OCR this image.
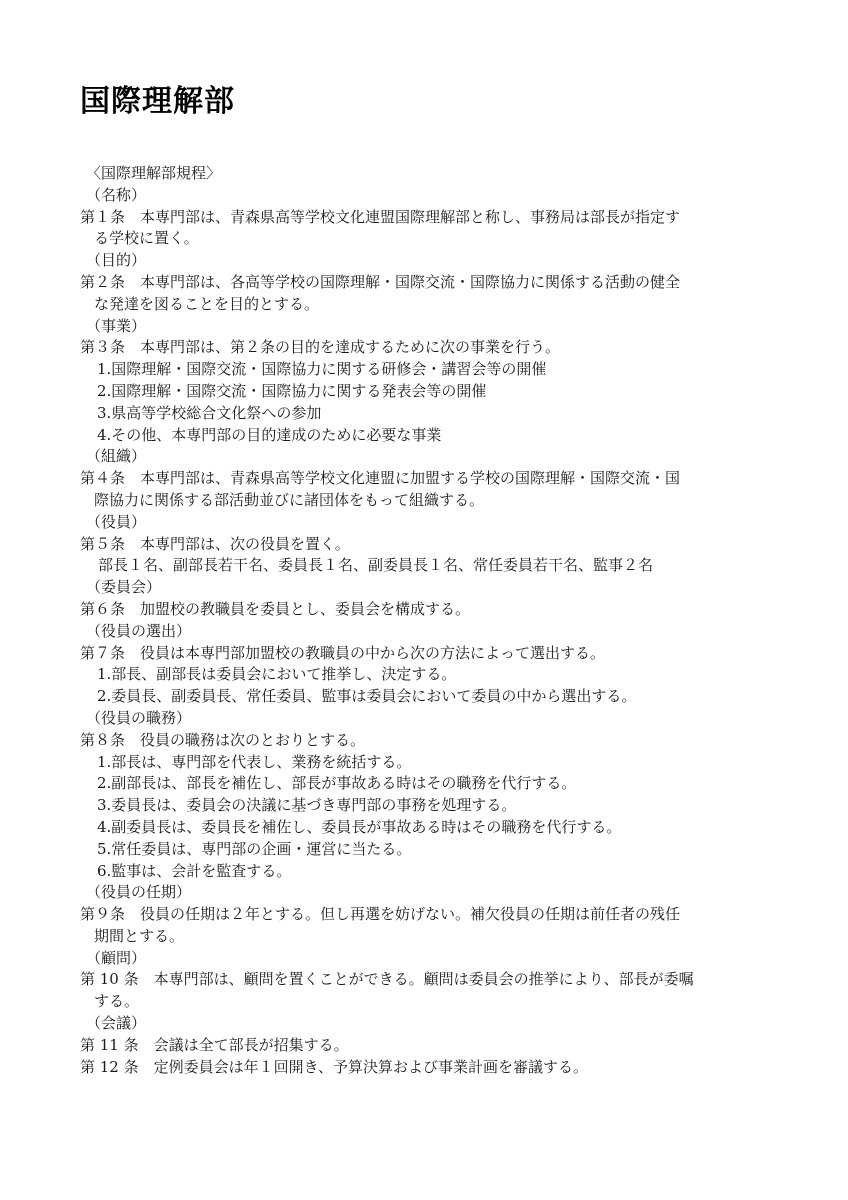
国際理解部
〈国際理解部規程〉
（名称）
第１条　本専門部は、青森県高等学校文化連盟国際理解部と称し、事務局は部長が指定す
る学校に置く。
（目的）
第２条　本専門部は、各高等学校の国際理解・国際交流・国際協力に関係する活動の健全
な発達を図ることを目的とする。
（事業）
第３条　本専門部は、第２条の目的を達成するために次の事業を行う。
1.国際理解・国際交流・国際協力に関する研修会・講習会等の開催
2.国際理解・国際交流・国際協力に関する発表会等の開催
3.県高等学校総合文化祭への参加
4.その他、本専門部の目的達成のために必要な事業
（組織）
第４条　本専門部は、青森県高等学校文化連盟に加盟する学校の国際理解・国際交流・国
際協力に関係する部活動並びに諸団体をもって組織する。
（役員）
第５条　本専門部は、次の役員を置く。
部長１名、副部長若干名、委員長１名、副委員長１名、常任委員若干名、監事２名
（委員会）
第６条　加盟校の教職員を委員とし、委員会を構成する。
（役員の選出）
第７条　役員は本専門部加盟校の教職員の中から次の方法によって選出する。
1.部長、副部長は委員会において推挙し、決定する。
2.委員長、副委員長、常任委員、監事は委員会において委員の中から選出する。
（役員の職務）
第８条　役員の職務は次のとおりとする。
1.部長は、専門部を代表し、業務を統括する。
2.副部長は、部長を補佐し、部長が事故ある時はその職務を代行する。
3.委員長は、委員会の決議に基づき専門部の事務を処理する。
4.副委員長は、委員長を補佐し、委員長が事故ある時はその職務を代行する。
5.常任委員は、専門部の企画・運営に当たる。
6.監事は、会計を監査する。
（役員の任期）
第９条　役員の任期は２年とする。但し再選を妨げない。補欠役員の任期は前任者の残任
期間とする。
（顧問）
第 10 条　本専門部は、顧問を置くことができる。顧問は委員会の推挙により、部長が委嘱
する。
（会議）
第 11 条　会議は全て部長が招集する。
第 12 条　定例委員会は年１回開き、予算決算および事業計画を審議する。
